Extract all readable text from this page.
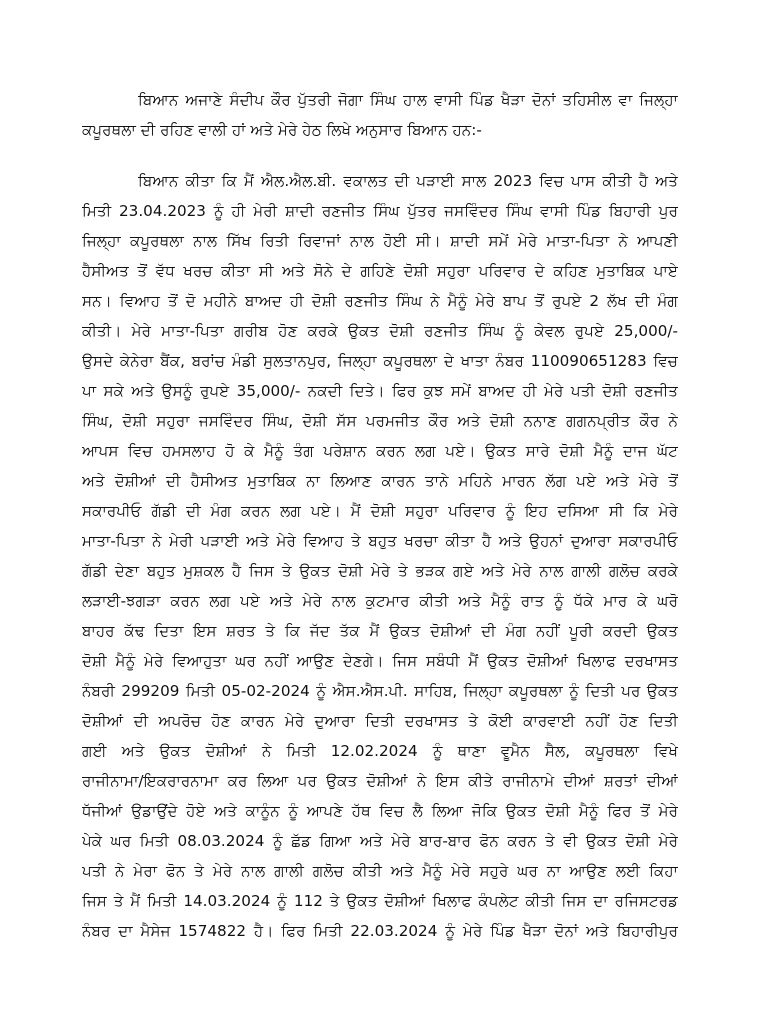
ਬਿਆਨ ਅਜਾਣੇ ਸੰਦੀਪ ਕੌਰ ਪੁੱਤਰੀ ਜੋਗਾ ਸਿੰਘ ਹਾਲ ਵਾਸੀ ਪਿੰਡ ਖੈੜਾ ਦੋਨਾਂ ਤਹਿਸੀਲ ਵਾ ਜਿਲ੍ਹਾ
ਕਪੂਰਥਲਾ ਦੀ ਰਹਿਣ ਵਾਲੀ ਹਾਂ ਅਤੇ ਮੇਰੇ ਹੇਠ ਲਿਖੇ ਅਨੁਸਾਰ ਬਿਆਨ ਹਨ:-
ਬਿਆਨ ਕੀਤਾ ਕਿ ਮੈਂ ਐਲ.ਐਲ.ਬੀ. ਵਕਾਲਤ ਦੀ ਪੜਾਈ ਸਾਲ 2023 ਵਿਚ ਪਾਸ ਕੀਤੀ ਹੈ ਅਤੇ
ਮਿਤੀ 23.04.2023 ਨੂੰ ਹੀ ਮੇਰੀ ਸ਼ਾਦੀ ਰਣਜੀਤ ਸਿੰਘ ਪੁੱਤਰ ਜਸਵਿੰਦਰ ਸਿੰਘ ਵਾਸੀ ਪਿੰਡ ਬਿਹਾਰੀ ਪੁਰ
ਜਿਲ੍ਹਾ ਕਪੂਰਥਲਾ ਨਾਲ ਸਿੱਖ ਰਿਤੀ ਰਿਵਾਜਾਂ ਨਾਲ ਹੋਈ ਸੀ। ਸ਼ਾਦੀ ਸਮੇਂ ਮੇਰੇ ਮਾਤਾ-ਪਿਤਾ ਨੇ ਆਪਣੀ
ਹੈਸੀਅਤ ਤੋਂ ਵੱਧ ਖਰਚ ਕੀਤਾ ਸੀ ਅਤੇ ਸੋਨੇ ਦੇ ਗਹਿਣੇ ਦੋਸ਼ੀ ਸਹੁਰਾ ਪਰਿਵਾਰ ਦੇ ਕਹਿਣ ਮੁਤਾਬਿਕ ਪਾਏ
ਸਨ। ਵਿਆਹ ਤੋਂ ਦੋ ਮਹੀਨੇ ਬਾਅਦ ਹੀ ਦੋਸ਼ੀ ਰਣਜੀਤ ਸਿੰਘ ਨੇ ਮੈਨੂੰ ਮੇਰੇ ਬਾਪ ਤੋਂ ਰੁਪਏ 2 ਲੱਖ ਦੀ ਮੰਗ
ਕੀਤੀ। ਮੇਰੇ ਮਾਤਾ-ਪਿਤਾ ਗਰੀਬ ਹੋਣ ਕਰਕੇ ਉਕਤ ਦੋਸ਼ੀ ਰਣਜੀਤ ਸਿੰਘ ਨੂੰ ਕੇਵਲ ਰੁਪਏ 25,000/-
ਉਸਦੇ ਕੇਨੇਰਾ ਬੈਂਕ, ਬਰਾਂਚ ਮੰਡੀ ਸੁਲਤਾਨਪੁਰ, ਜਿਲ੍ਹਾ ਕਪੂਰਥਲਾ ਦੇ ਖਾਤਾ ਨੰਬਰ 110090651283 ਵਿਚ
ਪਾ ਸਕੇ ਅਤੇ ਉਸਨੂੰ ਰੁਪਏ 35,000/- ਨਕਦੀ ਦਿਤੇ। ਫਿਰ ਕੁਝ ਸਮੇਂ ਬਾਅਦ ਹੀ ਮੇਰੇ ਪਤੀ ਦੋਸ਼ੀ ਰਣਜੀਤ
ਸਿੰਘ, ਦੋਸ਼ੀ ਸਹੁਰਾ ਜਸਵਿੰਦਰ ਸਿੰਘ, ਦੋਸ਼ੀ ਸੱਸ ਪਰਮਜੀਤ ਕੌਰ ਅਤੇ ਦੋਸ਼ੀ ਨਨਾਣ ਗਗਨਪ੍ਰੀਤ ਕੌਰ ਨੇ
ਆਪਸ ਵਿਚ ਹਮਸਲਾਹ ਹੋ ਕੇ ਮੈਨੂੰ ਤੰਗ ਪਰੇਸ਼ਾਨ ਕਰਨ ਲਗ ਪਏ। ਉਕਤ ਸਾਰੇ ਦੋਸ਼ੀ ਮੈਨੂੰ ਦਾਜ ਘੱਟ
ਅਤੇ ਦੋਸ਼ੀਆਂ ਦੀ ਹੈਸੀਅਤ ਮੁਤਾਬਿਕ ਨਾ ਲਿਆਣ ਕਾਰਨ ਤਾਨੇ ਮਹਿਨੇ ਮਾਰਨ ਲੱਗ ਪਏ ਅਤੇ ਮੇਰੇ ਤੋਂ
ਸਕਾਰਪੀਓ ਗੱਡੀ ਦੀ ਮੰਗ ਕਰਨ ਲਗ ਪਏ। ਮੈਂ ਦੋਸ਼ੀ ਸਹੁਰਾ ਪਰਿਵਾਰ ਨੂੰ ਇਹ ਦਸਿਆ ਸੀ ਕਿ ਮੇਰੇ
ਮਾਤਾ-ਪਿਤਾ ਨੇ ਮੇਰੀ ਪੜਾਈ ਅਤੇ ਮੇਰੇ ਵਿਆਹ ਤੇ ਬਹੁਤ ਖਰਚਾ ਕੀਤਾ ਹੈ ਅਤੇ ਉਹਨਾਂ ਦੁਆਰਾ ਸਕਾਰਪੀਓ
ਗੱਡੀ ਦੇਣਾ ਬਹੁਤ ਮੁਸ਼ਕਲ ਹੈ ਜਿਸ ਤੇ ਉਕਤ ਦੋਸ਼ੀ ਮੇਰੇ ਤੇ ਭੜਕ ਗਏ ਅਤੇ ਮੇਰੇ ਨਾਲ ਗਾਲੀ ਗਲੋਚ ਕਰਕੇ
ਲੜਾਈ-ਝਗੜਾ ਕਰਨ ਲਗ ਪਏ ਅਤੇ ਮੇਰੇ ਨਾਲ ਕੁਟਮਾਰ ਕੀਤੀ ਅਤੇ ਮੈਨੂੰ ਰਾਤ ਨੂੰ ਧੱਕੇ ਮਾਰ ਕੇ ਘਰੋ
ਬਾਹਰ ਕੱਢ ਦਿਤਾ ਇਸ ਸ਼ਰਤ ਤੇ ਕਿ ਜੱਦ ਤੱਕ ਮੈਂ ਉਕਤ ਦੋਸ਼ੀਆਂ ਦੀ ਮੰਗ ਨਹੀਂ ਪੂਰੀ ਕਰਦੀ ਉਕਤ
ਦੋਸ਼ੀ ਮੈਨੂੰ ਮੇਰੇ ਵਿਆਹੁਤਾ ਘਰ ਨਹੀਂ ਆਉਣ ਦੇਣਗੇ। ਜਿਸ ਸਬੰਧੀ ਮੈਂ ਉਕਤ ਦੋਸ਼ੀਆਂ ਖਿਲਾਫ ਦਰਖਾਸਤ
ਨੰਬਰੀ 299209 ਮਿਤੀ 05-02-2024 ਨੂੰ ਐਸ.ਐਸ.ਪੀ. ਸਾਹਿਬ, ਜਿਲ੍ਹਾ ਕਪੂਰਥਲਾ ਨੂੰ ਦਿਤੀ ਪਰ ਉਕਤ
ਦੋਸ਼ੀਆਂ ਦੀ ਅਪਰੋਚ ਹੋਣ ਕਾਰਨ ਮੇਰੇ ਦੁਆਰਾ ਦਿਤੀ ਦਰਖਾਸਤ ਤੇ ਕੋਈ ਕਾਰਵਾਈ ਨਹੀਂ ਹੋਣ ਦਿਤੀ
ਗਈ ਅਤੇ ਉਕਤ ਦੋਸ਼ੀਆਂ ਨੇ ਮਿਤੀ 12.02.2024 ਨੂੰ ਥਾਣਾ ਵੂਮੈਨ ਸੈਲ, ਕਪੂਰਥਲਾ ਵਿਖੇ
ਰਾਜੀਨਾਮਾ/ਇਕਰਾਰਨਾਮਾ ਕਰ ਲਿਆ ਪਰ ਉਕਤ ਦੋਸ਼ੀਆਂ ਨੇ ਇਸ ਕੀਤੇ ਰਾਜੀਨਾਮੇ ਦੀਆਂ ਸ਼ਰਤਾਂ ਦੀਆਂ
ਧੱਜੀਆਂ ਉਡਾਉਂਦੇ ਹੋਏ ਅਤੇ ਕਾਨੂੰਨ ਨੂੰ ਆਪਣੇ ਹੱਥ ਵਿਚ ਲੈ ਲਿਆ ਜੋਕਿ ਉਕਤ ਦੋਸ਼ੀ ਮੈਨੂੰ ਫਿਰ ਤੋਂ ਮੇਰੇ
ਪੇਕੇ ਘਰ ਮਿਤੀ 08.03.2024 ਨੂੰ ਛੱਡ ਗਿਆ ਅਤੇ ਮੇਰੇ ਬਾਰ-ਬਾਰ ਫੋਨ ਕਰਨ ਤੇ ਵੀ ਉਕਤ ਦੋਸ਼ੀ ਮੇਰੇ
ਪਤੀ ਨੇ ਮੇਰਾ ਫੋਨ ਤੇ ਮੇਰੇ ਨਾਲ ਗਾਲੀ ਗਲੋਚ ਕੀਤੀ ਅਤੇ ਮੈਨੂੰ ਮੇਰੇ ਸਹੁਰੇ ਘਰ ਨਾ ਆਉਣ ਲਈ ਕਿਹਾ
ਜਿਸ ਤੇ ਮੈਂ ਮਿਤੀ 14.03.2024 ਨੂੰ 112 ਤੇ ਉਕਤ ਦੋਸ਼ੀਆਂ ਖਿਲਾਫ ਕੰਪਲੇਟ ਕੀਤੀ ਜਿਸ ਦਾ ਰਜਿਸਟਰਡ
ਨੰਬਰ ਦਾ ਮੈਸੇਜ 1574822 ਹੈ। ਫਿਰ ਮਿਤੀ 22.03.2024 ਨੂੰ ਮੇਰੇ ਪਿੰਡ ਖੈੜਾ ਦੋਨਾਂ ਅਤੇ ਬਿਹਾਰੀਪੁਰ
